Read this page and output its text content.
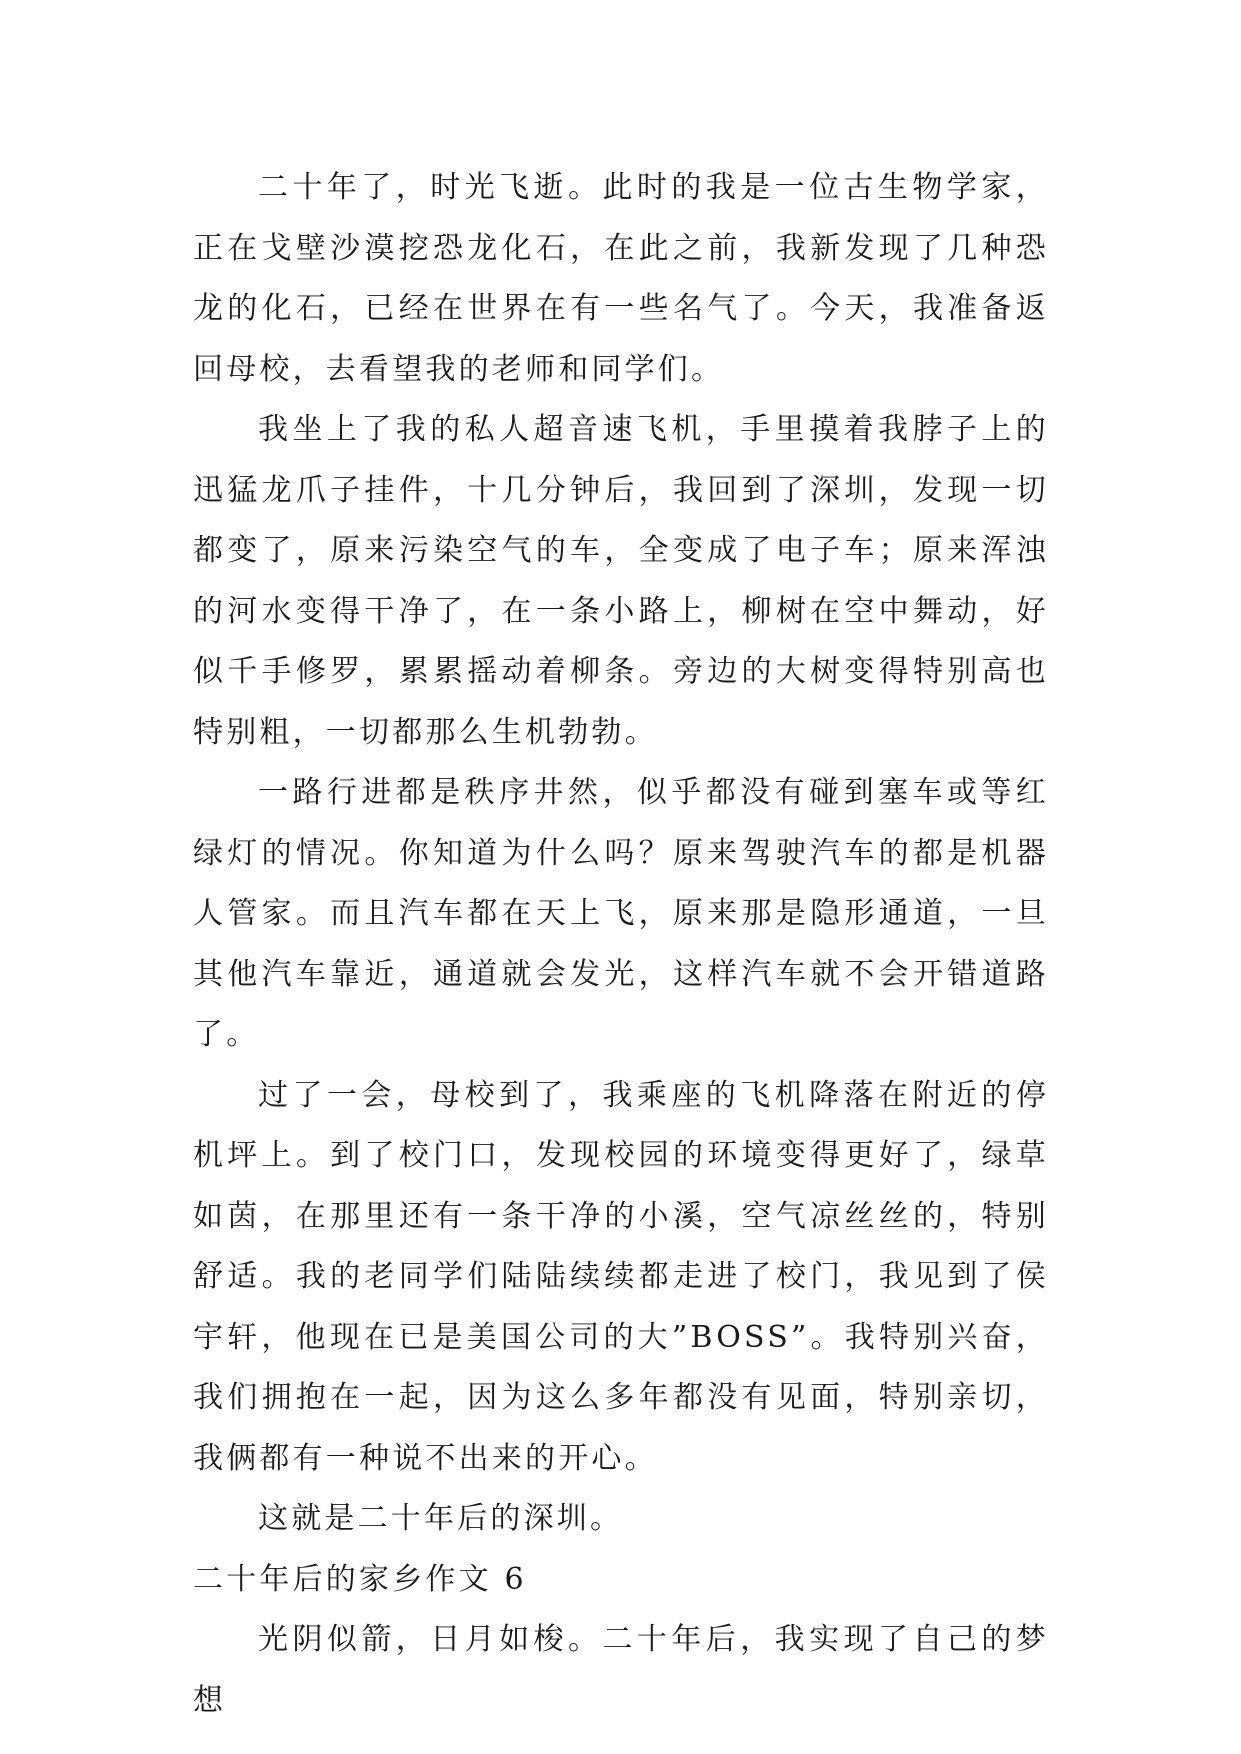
二十年了，时光飞逝。此时的我是一位古生物学家，正在戈壁沙漠挖恐龙化石，在此之前，我新发现了几种恐龙的化石，已经在世界在有一些名气了。今天，我准备返回母校，去看望我的老师和同学们。

我坐上了我的私人超音速飞机，手里摸着我脖子上的迅猛龙爪子挂件，十几分钟后，我回到了深圳，发现一切都变了，原来污染空气的车，全变成了电子车；原来浑浊的河水变得干净了，在一条小路上，柳树在空中舞动，好似千手修罗，累累摇动着柳条。旁边的大树变得特别高也特别粗，一切都那么生机勃勃。

一路行进都是秩序井然，似乎都没有碰到塞车或等红绿灯的情况。你知道为什么吗？原来驾驶汽车的都是机器人管家。而且汽车都在天上飞，原来那是隐形通道，一旦其他汽车靠近，通道就会发光，这样汽车就不会开错道路了。

过了一会，母校到了，我乘座的飞机降落在附近的停机坪上。到了校门口，发现校园的环境变得更好了，绿草如茵，在那里还有一条干净的小溪，空气凉丝丝的，特别舒适。我的老同学们陆陆续续都走进了校门，我见到了侯宇轩，他现在已是美国公司的大”BOSS”。我特别兴奋，我们拥抱在一起，因为这么多年都没有见面，特别亲切，我俩都有一种说不出来的开心。

这就是二十年后的深圳。

二十年后的家乡作文 6

光阴似箭，日月如梭。二十年后，我实现了自己的梦想
